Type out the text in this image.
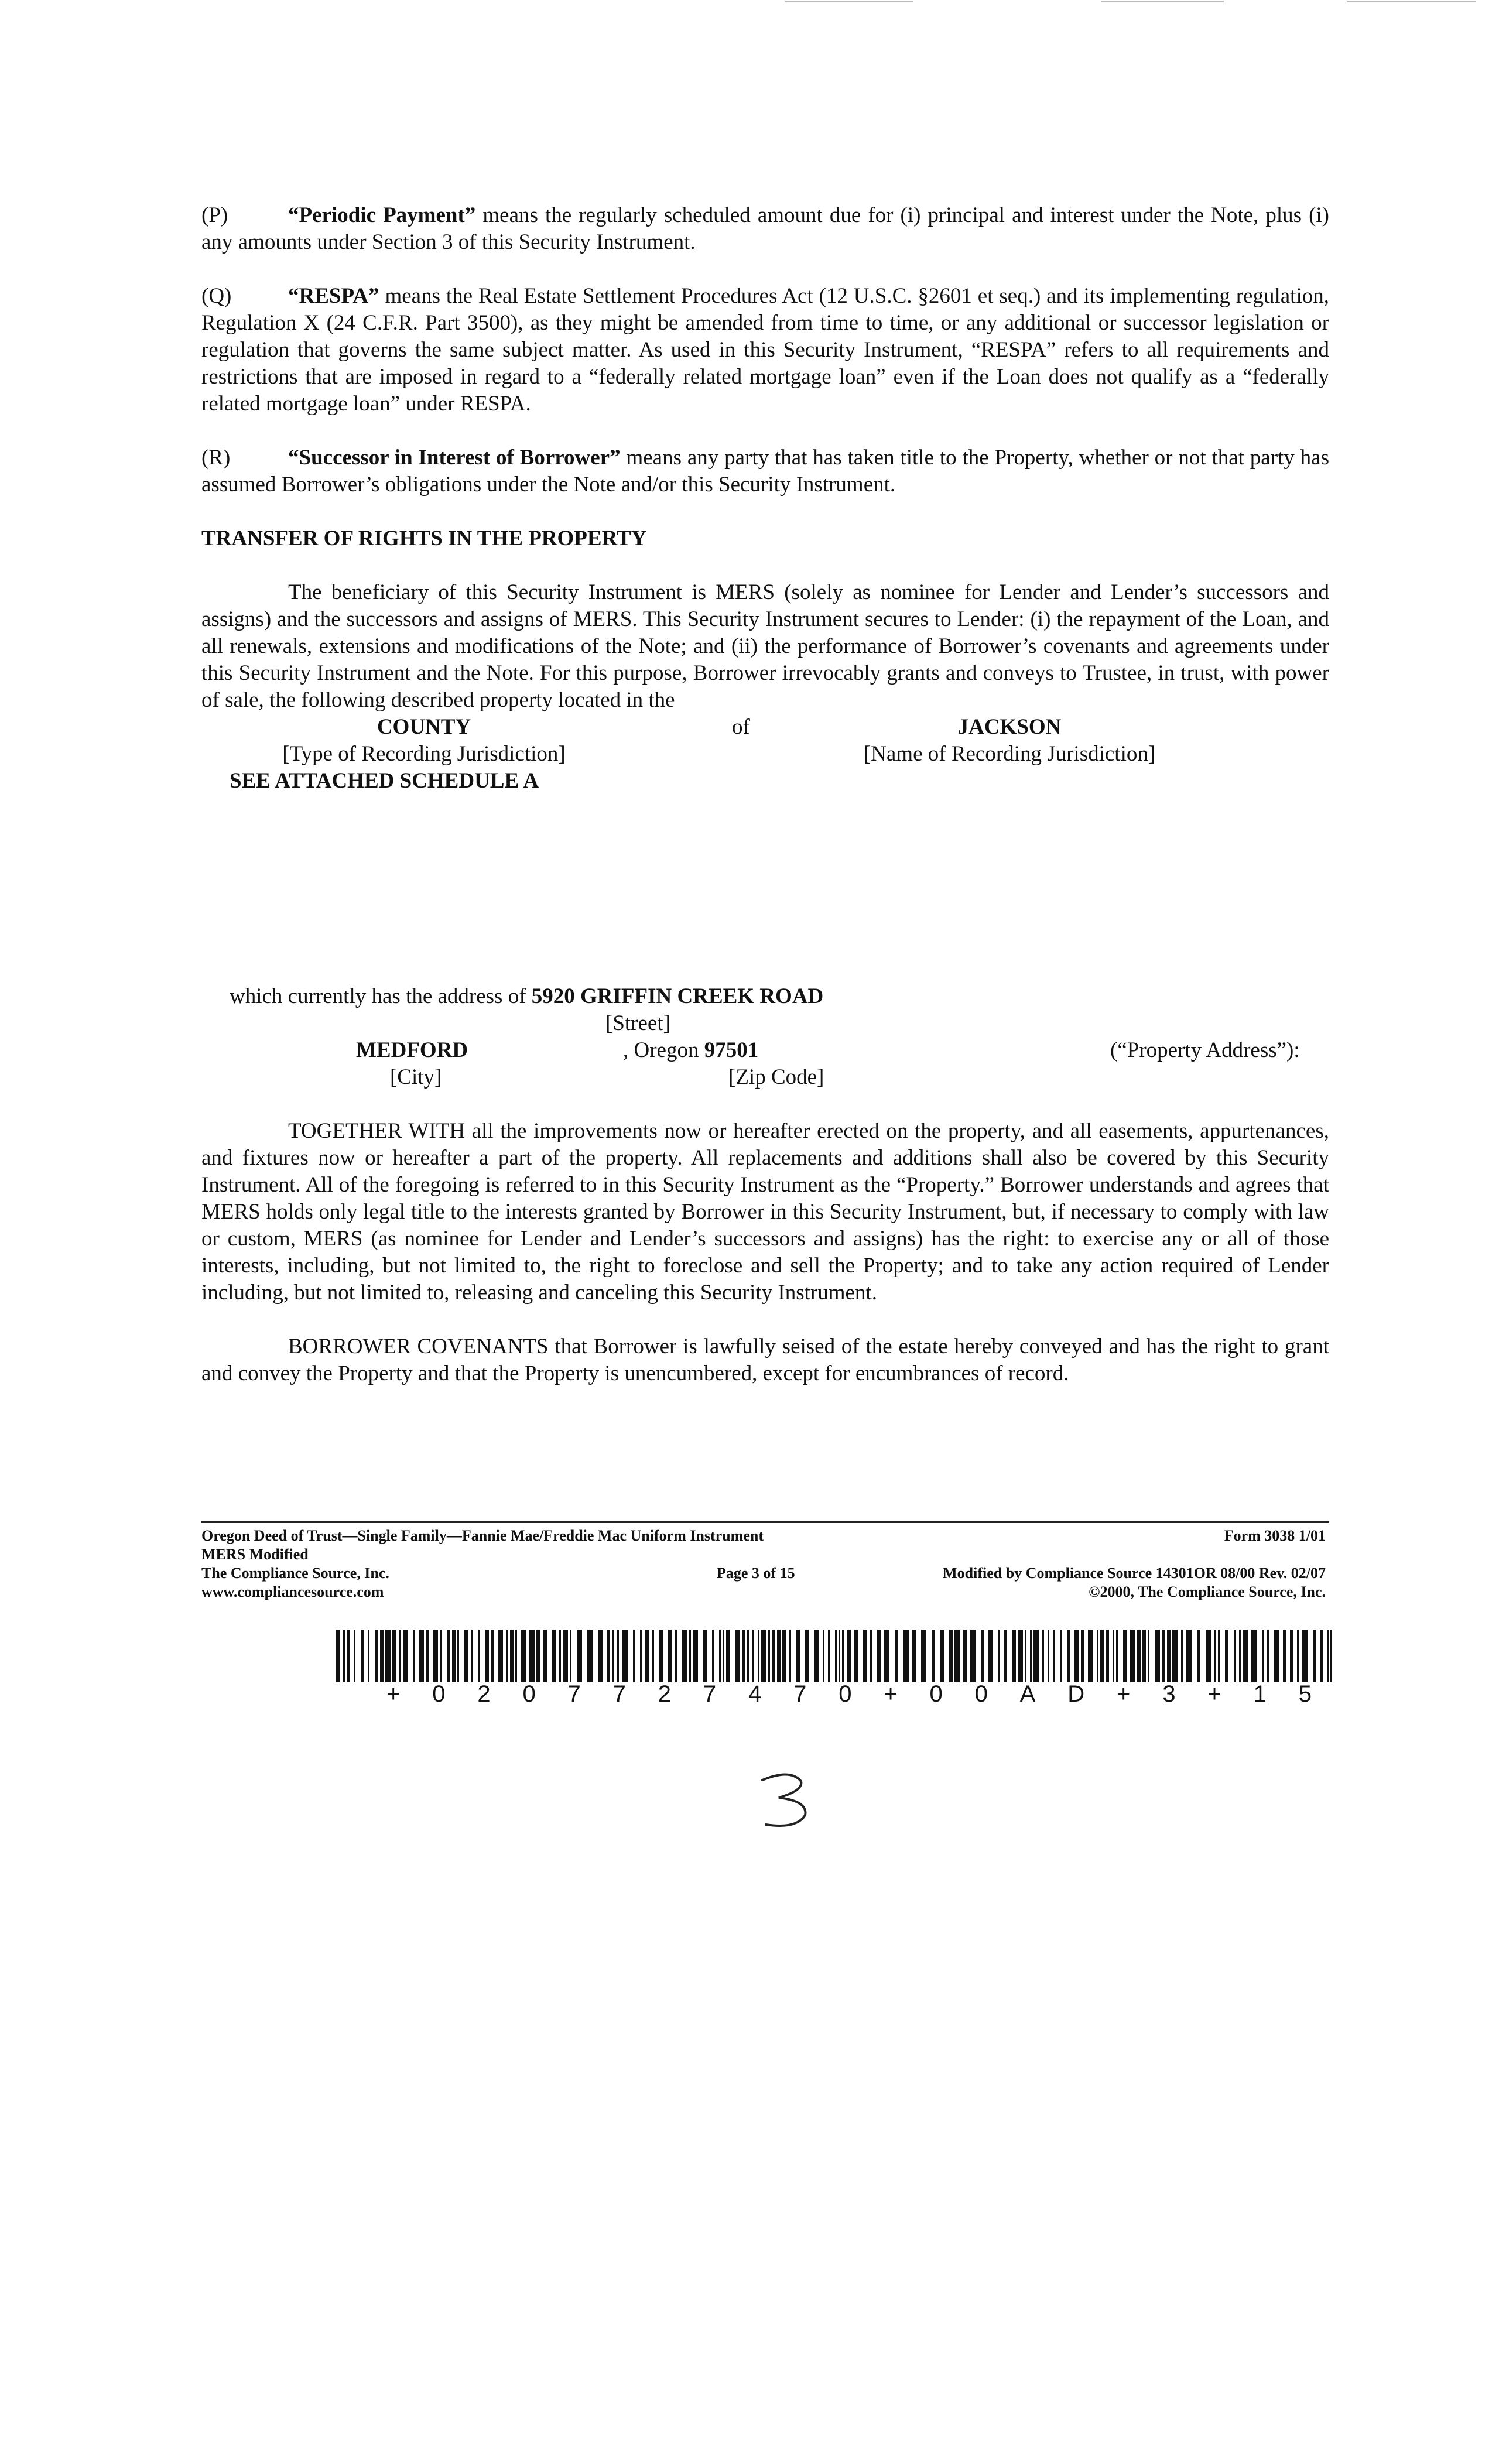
(P)	“Periodic Payment” means the regularly scheduled amount due for (i) principal and interest under the Note, plus (i) any amounts under Section 3 of this Security Instrument.

(Q)	“RESPA” means the Real Estate Settlement Procedures Act (12 U.S.C. §2601 et seq.) and its implementing regulation, Regulation X (24 C.F.R. Part 3500), as they might be amended from time to time, or any additional or successor legislation or regulation that governs the same subject matter. As used in this Security Instrument, “RESPA” refers to all requirements and restrictions that are imposed in regard to a “federally related mortgage loan” even if the Loan does not qualify as a “federally related mortgage loan” under RESPA.

(R)	“Successor in Interest of Borrower” means any party that has taken title to the Property, whether or not that party has assumed Borrower’s obligations under the Note and/or this Security Instrument.

TRANSFER OF RIGHTS IN THE PROPERTY

The beneficiary of this Security Instrument is MERS (solely as nominee for Lender and Lender’s successors and assigns) and the successors and assigns of MERS. This Security Instrument secures to Lender: (i) the repayment of the Loan, and all renewals, extensions and modifications of the Note; and (ii) the performance of Borrower’s covenants and agreements under this Security Instrument and the Note. For this purpose, Borrower irrevocably grants and conveys to Trustee, in trust, with power of sale, the following described property located in the

COUNTY	of	JACKSON
[Type of Recording Jurisdiction]	[Name of Recording Jurisdiction]
SEE ATTACHED SCHEDULE A
which currently has the address of 5920 GRIFFIN CREEK ROAD
[Street]
MEDFORD	, Oregon 97501	(“Property Address”):
[City]	[Zip Code]

TOGETHER WITH all the improvements now or hereafter erected on the property, and all easements, appurtenances, and fixtures now or hereafter a part of the property. All replacements and additions shall also be covered by this Security Instrument. All of the foregoing is referred to in this Security Instrument as the “Property.” Borrower understands and agrees that MERS holds only legal title to the interests granted by Borrower in this Security Instrument, but, if necessary to comply with law or custom, MERS (as nominee for Lender and Lender’s successors and assigns) has the right: to exercise any or all of those interests, including, but not limited to, the right to foreclose and sell the Property; and to take any action required of Lender including, but not limited to, releasing and canceling this Security Instrument.

BORROWER COVENANTS that Borrower is lawfully seised of the estate hereby conveyed and has the right to grant and convey the Property and that the Property is unencumbered, except for encumbrances of record.

Oregon Deed of Trust—Single Family—Fannie Mae/Freddie Mac Uniform Instrument	Form 3038 1/01
MERS Modified
The Compliance Source, Inc.	Page 3 of 15	Modified by Compliance Source 14301OR 08/00 Rev. 02/07
www.compliancesource.com	©2000, The Compliance Source, Inc.
+ 0 2 0 7 7 2 7 4 7 0 + 0 0 A D + 3 + 1 5
